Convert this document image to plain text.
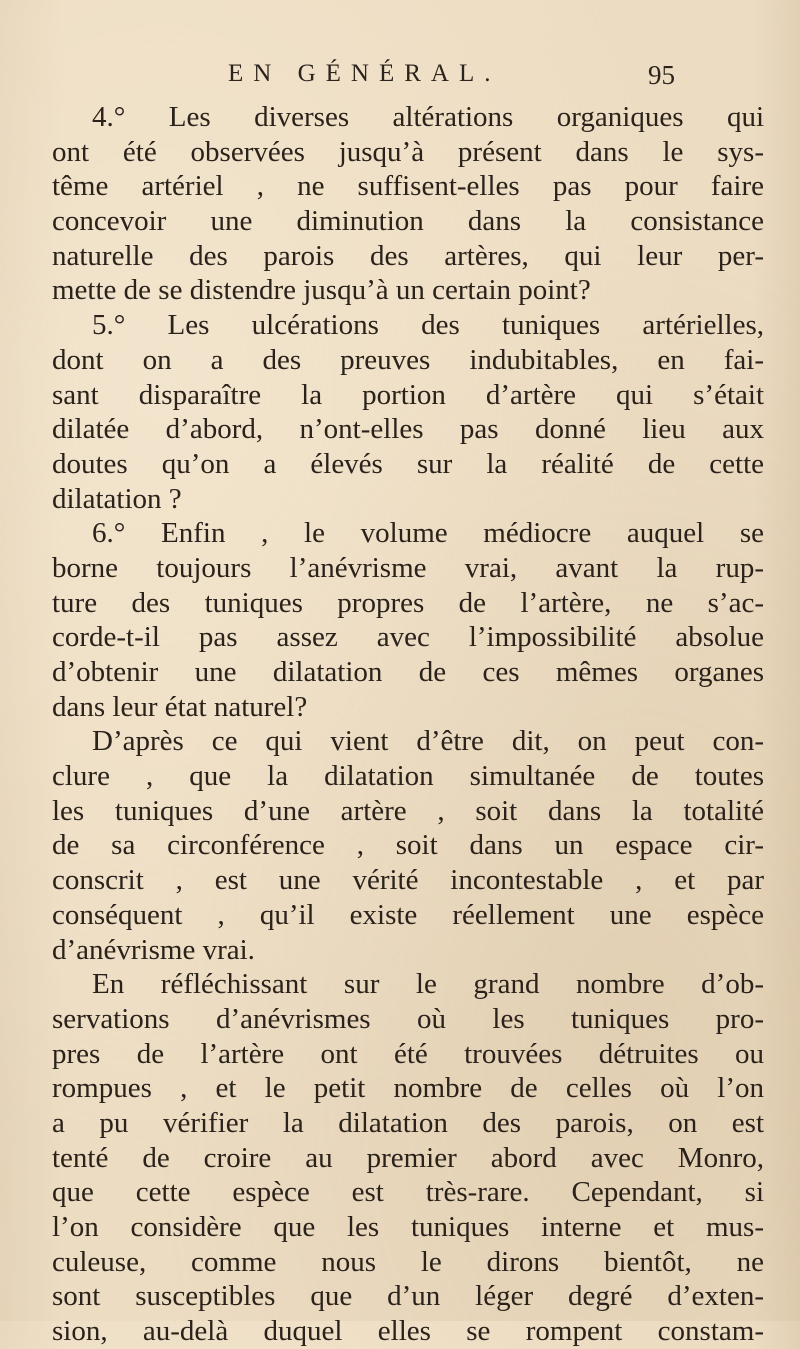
EN GÉNÉRAL.	95
4.° Les diverses altérations organiques qui
ont été observées jusqu’à présent dans le sys-
tême artériel , ne suffisent-elles pas pour faire
concevoir une diminution dans la consistance
naturelle des parois des artères, qui leur per-
mette de se distendre jusqu’à un certain point?
5.° Les ulcérations des tuniques artérielles,
dont on a des preuves indubitables, en fai-
sant disparaître la portion d’artère qui s’était
dilatée d’abord, n’ont-elles pas donné lieu aux
doutes qu’on a élevés sur la réalité de cette
dilatation ?
6.° Enfin , le volume médiocre auquel se
borne toujours l’anévrisme vrai, avant la rup-
ture des tuniques propres de l’artère, ne s’ac-
corde-t-il pas assez avec l’impossibilité absolue
d’obtenir une dilatation de ces mêmes organes
dans leur état naturel?
D’après ce qui vient d’être dit, on peut con-
clure , que la dilatation simultanée de toutes
les tuniques d’une artère , soit dans la totalité
de sa circonférence , soit dans un espace cir-
conscrit , est une vérité incontestable , et par
conséquent , qu’il existe réellement une espèce
d’anévrisme vrai.
En réfléchissant sur le grand nombre d’ob-
servations d’anévrismes où les tuniques pro-
pres de l’artère ont été trouvées détruites ou
rompues , et le petit nombre de celles où l’on
a pu vérifier la dilatation des parois, on est
tenté de croire au premier abord avec Monro,
que cette espèce est très-rare. Cependant, si
l’on considère que les tuniques interne et mus-
culeuse, comme nous le dirons bientôt, ne
sont susceptibles que d’un léger degré d’exten-
sion, au-delà duquel elles se rompent constam-
